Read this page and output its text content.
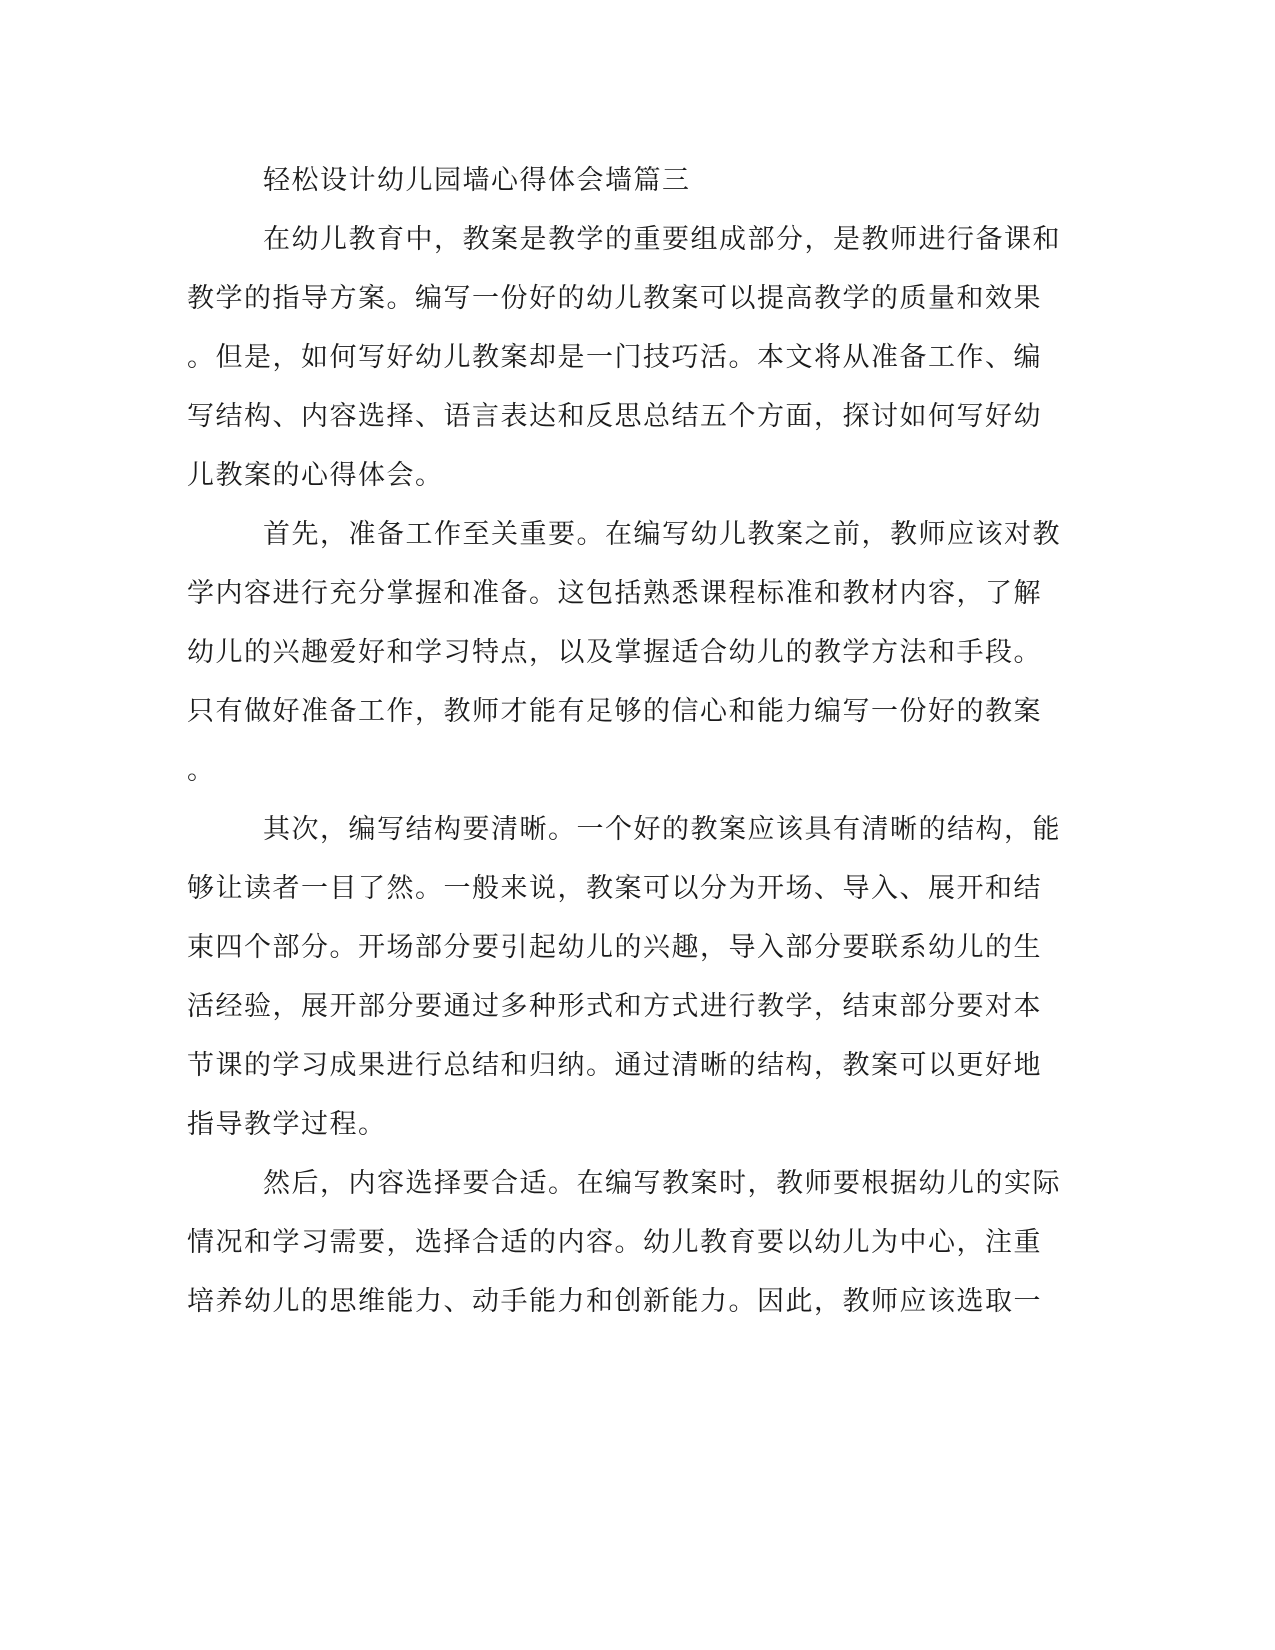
轻松设计幼儿园墙心得体会墙篇三
在幼儿教育中，教案是教学的重要组成部分，是教师进行备课和
教学的指导方案。编写一份好的幼儿教案可以提高教学的质量和效果
。但是，如何写好幼儿教案却是一门技巧活。本文将从准备工作、编
写结构、内容选择、语言表达和反思总结五个方面，探讨如何写好幼
儿教案的心得体会。
首先，准备工作至关重要。在编写幼儿教案之前，教师应该对教
学内容进行充分掌握和准备。这包括熟悉课程标准和教材内容，了解
幼儿的兴趣爱好和学习特点，以及掌握适合幼儿的教学方法和手段。
只有做好准备工作，教师才能有足够的信心和能力编写一份好的教案
。
其次，编写结构要清晰。一个好的教案应该具有清晰的结构，能
够让读者一目了然。一般来说，教案可以分为开场、导入、展开和结
束四个部分。开场部分要引起幼儿的兴趣，导入部分要联系幼儿的生
活经验，展开部分要通过多种形式和方式进行教学，结束部分要对本
节课的学习成果进行总结和归纳。通过清晰的结构，教案可以更好地
指导教学过程。
然后，内容选择要合适。在编写教案时，教师要根据幼儿的实际
情况和学习需要，选择合适的内容。幼儿教育要以幼儿为中心，注重
培养幼儿的思维能力、动手能力和创新能力。因此，教师应该选取一
